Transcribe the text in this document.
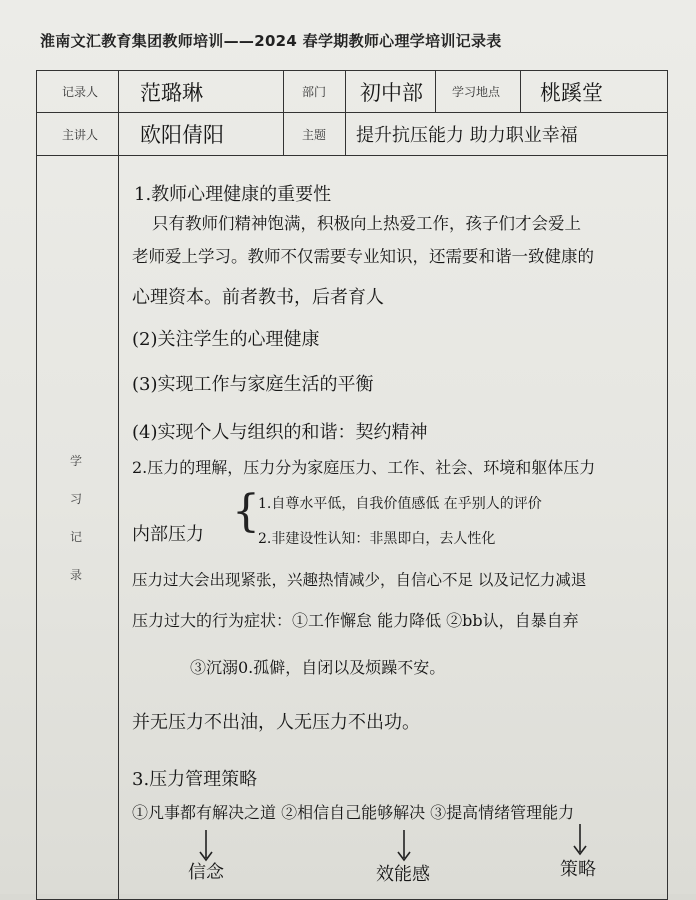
淮南文汇教育集团教师培训——2024 春学期教师心理学培训记录表
记录人 范璐琳	部门 初中部 学习地点 桃蹊堂
主讲人 欧阳倩阳	主题 提升抗压能力 助力职业幸福
学
习
记
录
1.教师心理健康的重要性
只有教师们精神饱满，积极向上热爱工作，孩子们才会爱上
老师爱上学习。教师不仅需要专业知识，还需要和谐一致健康的
心理资本。前者教书，后者育人
(2)关注学生的心理健康
(3)实现工作与家庭生活的平衡
(4)实现个人与组织的和谐：契约精神
2.压力的理解，压力分为家庭压力、工作、社会、环境和躯体压力
内部压力 {
1.自尊水平低，自我价值感低 在乎别人的评价
2.非建设性认知：非黑即白，去人性化
压力过大会出现紧张，兴趣热情减少，自信心不足 以及记忆力减退
压力过大的行为症状：①工作懈怠 能力降低 ②bb认，自暴自弃
③沉溺0.孤僻，自闭以及烦躁不安。
并无压力不出油，人无压力不出功。
3.压力管理策略
①凡事都有解决之道 ②相信自己能够解决 ③提高情绪管理能力
信念	效能感	策略
